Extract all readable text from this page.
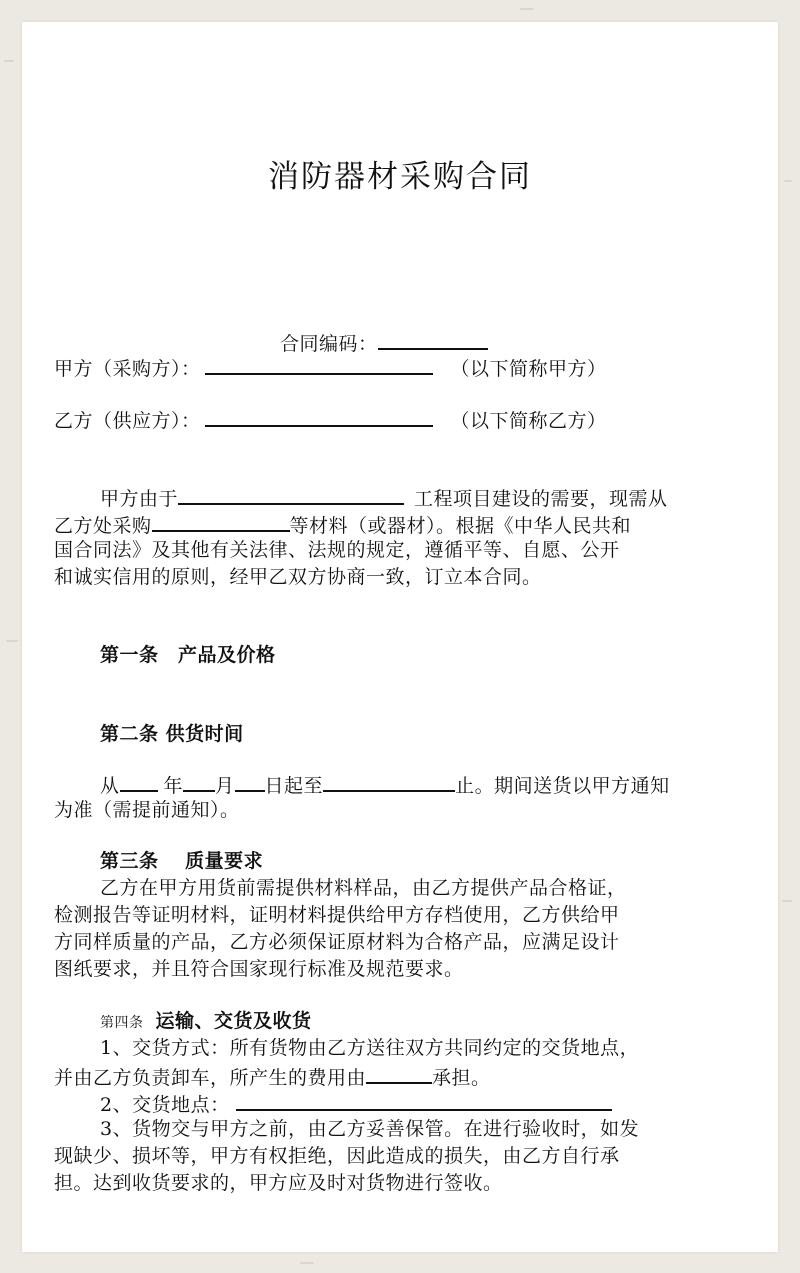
消防器材采购合同
合同编码：
甲方（采购方）：	（以下简称甲方）
乙方（供应方）：	（以下简称乙方）
甲方由于	工程项目建设的需要，现需从
乙方处采购	等材料（或器材）。根据《中华人民共和
国合同法》及其他有关法律、法规的规定，遵循平等、自愿、公开
和诚实信用的原则，经甲乙双方协商一致，订立本合同。
第一条　产品及价格
第二条 供货时间
从 年 月 日起至	止。期间送货以甲方通知
为准（需提前通知）。
第三条　 质量要求
乙方在甲方用货前需提供材料样品，由乙方提供产品合格证，
检测报告等证明材料，证明材料提供给甲方存档使用，乙方供给甲
方同样质量的产品，乙方必须保证原材料为合格产品，应满足设计
图纸要求，并且符合国家现行标准及规范要求。
第四条 运输、交货及收货
1、交货方式：所有货物由乙方送往双方共同约定的交货地点，
并由乙方负责卸车，所产生的费用由	承担。
2、交货地点：
3、货物交与甲方之前，由乙方妥善保管。在进行验收时，如发
现缺少、损坏等，甲方有权拒绝，因此造成的损失，由乙方自行承
担。达到收货要求的，甲方应及时对货物进行签收。
